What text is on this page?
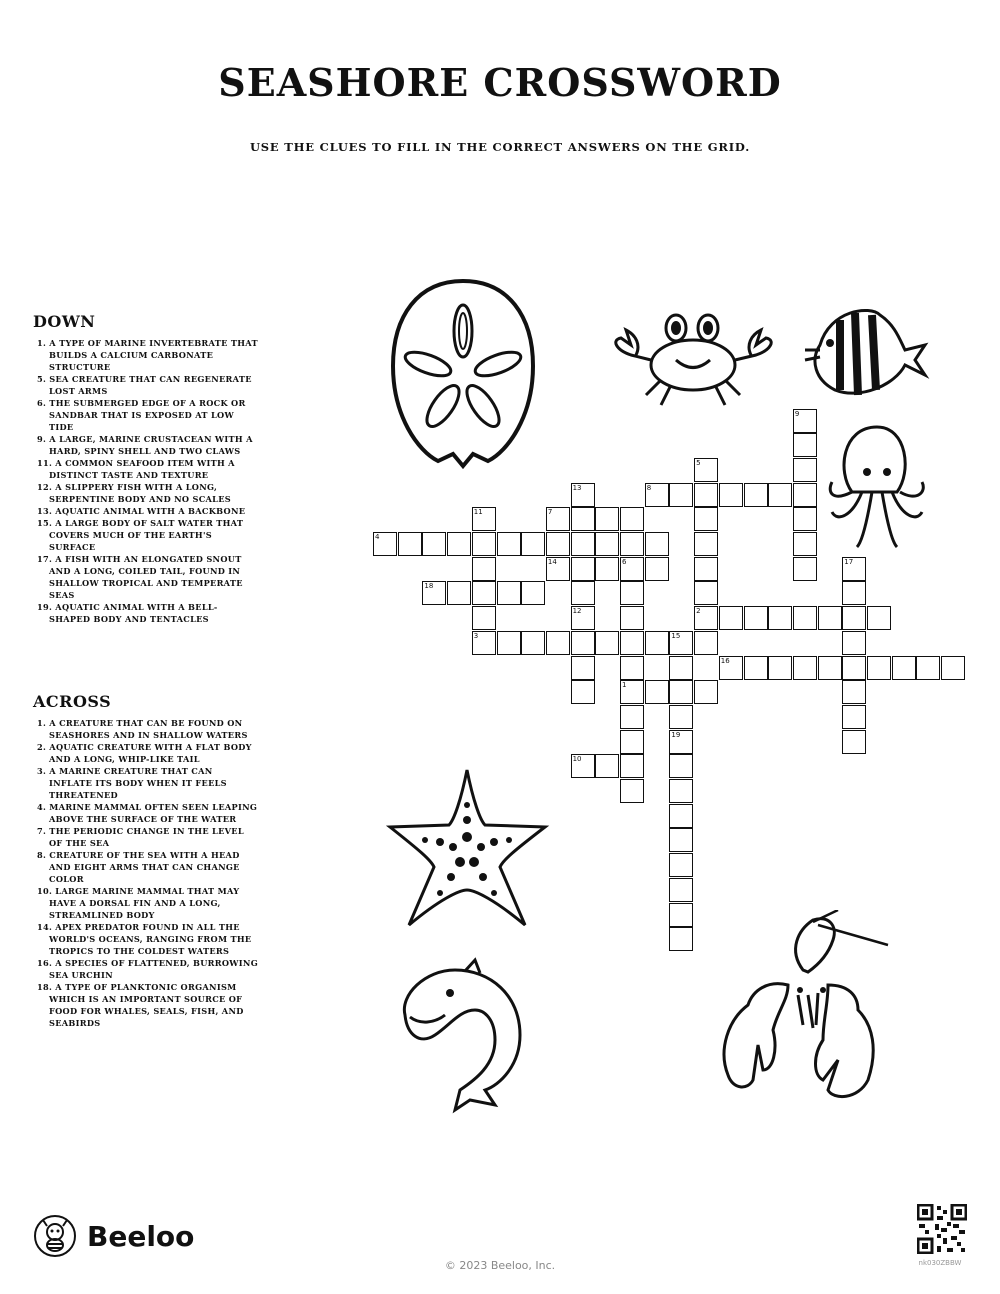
SEASHORE CROSSWORD
USE THE CLUES TO FILL IN THE CORRECT ANSWERS ON THE GRID.
DOWN
1. A TYPE OF MARINE INVERTEBRATE THAT BUILDS A CALCIUM CARBONATE STRUCTURE
5. SEA CREATURE THAT CAN REGENERATE LOST ARMS
6. THE SUBMERGED EDGE OF A ROCK OR SANDBAR THAT IS EXPOSED AT LOW TIDE
9. A LARGE, MARINE CRUSTACEAN WITH A HARD, SPINY SHELL AND TWO CLAWS
11. A COMMON SEAFOOD ITEM WITH A DISTINCT TASTE AND TEXTURE
12. A SLIPPERY FISH WITH A LONG, SERPENTINE BODY AND NO SCALES
13. AQUATIC ANIMAL WITH A BACKBONE
15. A LARGE BODY OF SALT WATER THAT COVERS MUCH OF THE EARTH'S SURFACE
17. A FISH WITH AN ELONGATED SNOUT AND A LONG, COILED TAIL, FOUND IN SHALLOW TROPICAL AND TEMPERATE SEAS
19. AQUATIC ANIMAL WITH A BELL-SHAPED BODY AND TENTACLES
ACROSS
1. A CREATURE THAT CAN BE FOUND ON SEASHORES AND IN SHALLOW WATERS
2. AQUATIC CREATURE WITH A FLAT BODY AND A LONG, WHIP-LIKE TAIL
3. A MARINE CREATURE THAT CAN INFLATE ITS BODY WHEN IT FEELS THREATENED
4. MARINE MAMMAL OFTEN SEEN LEAPING ABOVE THE SURFACE OF THE WATER
7. THE PERIODIC CHANGE IN THE LEVEL OF THE SEA
8. CREATURE OF THE SEA WITH A HEAD AND EIGHT ARMS THAT CAN CHANGE COLOR
10. LARGE MARINE MAMMAL THAT MAY HAVE A DORSAL FIN AND A LONG, STREAMLINED BODY
14. APEX PREDATOR FOUND IN ALL THE WORLD'S OCEANS, RANGING FROM THE TROPICS TO THE COLDEST WATERS
16. A SPECIES OF FLATTENED, BURROWING SEA URCHIN
18. A TYPE OF PLANKTONIC ORGANISM WHICH IS AN IMPORTANT SOURCE OF FOOD FOR WHALES, SEALS, FISH, AND SEABIRDS
4
8
7
18
14	6
2
3	15
16
1
10
9
5
13
11
12
17
19
Beeloo
© 2023 Beeloo, Inc.	nk030ZBBW
